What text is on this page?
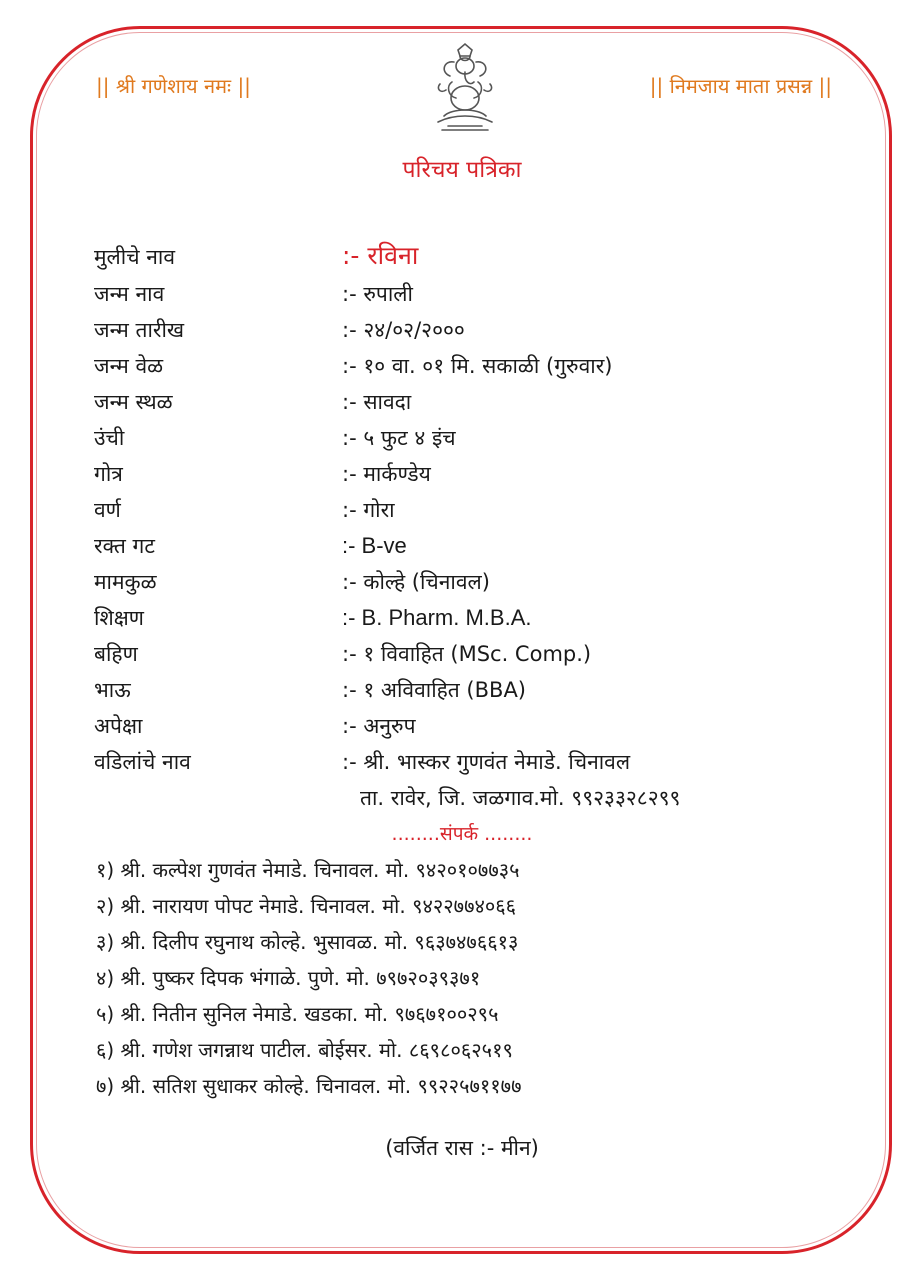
|| श्री गणेशाय नमः ||	|| निमजाय माता प्रसन्न ||
परिचय पत्रिका
मुलीचे नाव	:- रविना
जन्म नाव	:- रुपाली
जन्म तारीख	:- २४/०२/२०००
जन्म वेळ	:- १० वा. ०१ मि. सकाळी (गुरुवार)
जन्म स्थळ	:- सावदा
उंची	:- ५ फुट ४ इंच
गोत्र	:- मार्कण्डेय
वर्ण	:- गोरा
रक्त गट	:- B-ve
मामकुळ	:- कोल्हे (चिनावल)
शिक्षण	:- B. Pharm. M.B.A.
बहिण	:- १ विवाहित (MSc. Comp.)
भाऊ	:- १ अविवाहित (BBA)
अपेक्षा	:- अनुरुप
वडिलांचे नाव	:- श्री. भास्कर गुणवंत नेमाडे. चिनावल
ता. रावेर, जि. जळगाव.मो. ९९२३३२८२९९
........संपर्क ........
१) श्री. कल्पेश गुणवंत नेमाडे. चिनावल. मो. ९४२०१०७७३५
२) श्री. नारायण पोपट नेमाडे. चिनावल. मो. ९४२२७७४०६६
३) श्री. दिलीप रघुनाथ कोल्हे. भुसावळ. मो. ९६३७४७६६१३
४) श्री. पुष्कर दिपक भंगाळे. पुणे. मो. ७९७२०३९३७१
५) श्री. नितीन सुनिल नेमाडे. खडका. मो. ९७६७१००२९५
६) श्री. गणेश जगन्नाथ पाटील. बोईसर. मो. ८६९८०६२५१९
७) श्री. सतिश सुधाकर कोल्हे. चिनावल. मो. ९९२२५७११७७
(वर्जित रास :- मीन)
